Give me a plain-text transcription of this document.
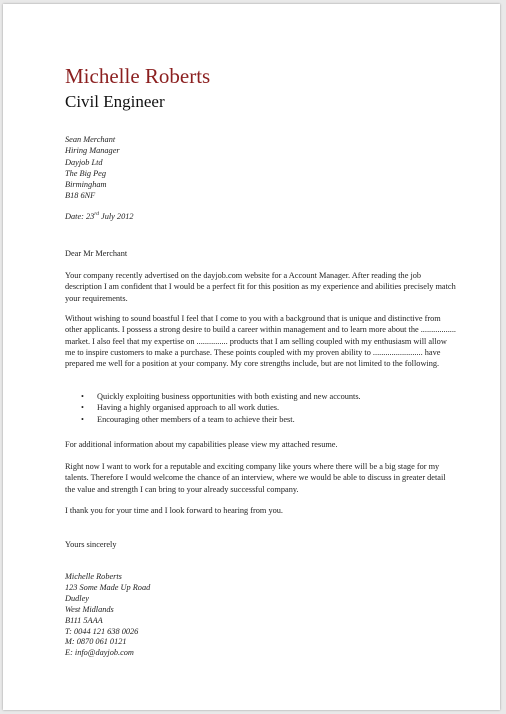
Michelle Roberts
Civil Engineer
Sean Merchant
Hiring Manager
Dayjob Ltd
The Big Peg
Birmingham
B18 6NF
Date: 23rd July 2012
Dear Mr Merchant
Your company recently advertised on the dayjob.com website for a Account Manager. After reading the job description I am confident that I would be a perfect fit for this position as my experience and abilities precisely match your requirements.
Without wishing to sound boastful I feel that I come to you with a background that is unique and distinctive from other applicants. I possess a strong desire to build a career within management and to learn more about the ................. market. I also feel that my expertise on ............... products that I am selling coupled with my enthusiasm will allow me to inspire customers to make a purchase. These points coupled with my proven ability to ........................ have prepared me well for a position at your company. My core strengths include, but are not limited to the following.
• Quickly exploiting business opportunities with both existing and new accounts.
• Having a highly organised approach to all work duties.
• Encouraging other members of a team to achieve their best.
For additional information about my capabilities please view my attached resume.
Right now I want to work for a reputable and exciting company like yours where there will be a big stage for my talents. Therefore I would welcome the chance of an interview, where we would be able to discuss in greater detail the value and strength I can bring to your already successful company.
I thank you for your time and I look forward to hearing from you.
Yours sincerely
Michelle Roberts
123 Some Made Up Road
Dudley
West Midlands
B111 5AAA
T: 0044 121 638 0026
M: 0870 061 0121
E: info@dayjob.com
